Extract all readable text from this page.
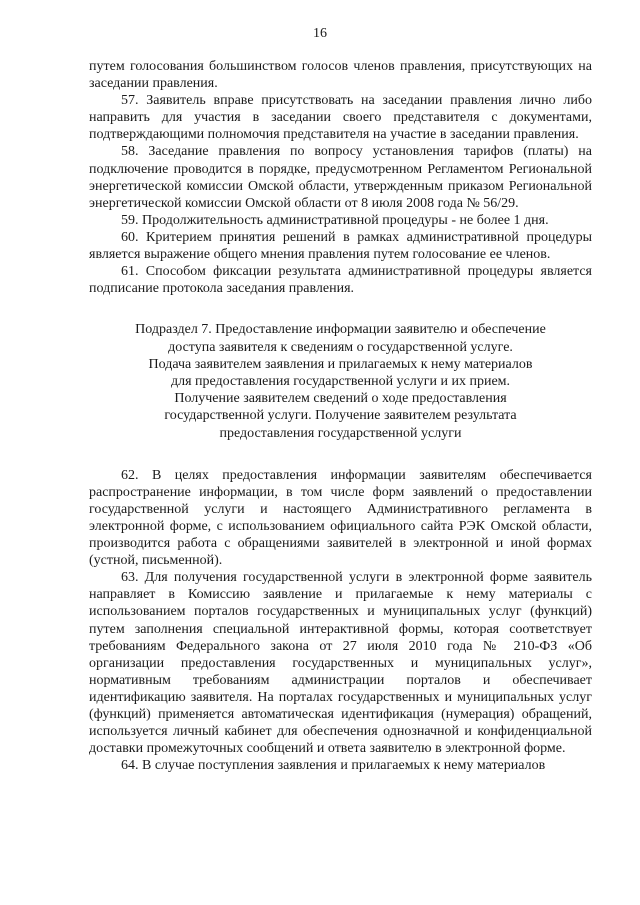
16

путем голосования большинством голосов членов правления, присутствующих на заседании правления.

57. Заявитель вправе присутствовать на заседании правления лично либо направить для участия в заседании своего представителя с документами, подтверждающими полномочия представителя на участие в заседании правления.

58. Заседание правления по вопросу установления тарифов (платы) на подключение проводится в порядке, предусмотренном Регламентом Региональной энергетической комиссии Омской области, утвержденным приказом Региональной энергетической комиссии Омской области от 8 июля 2008 года № 56/29.

59. Продолжительность административной процедуры - не более 1 дня.

60. Критерием принятия решений в рамках административной процедуры является выражение общего мнения правления путем голосование ее членов.

61. Способом фиксации результата административной процедуры является подписание протокола заседания правления.

Подраздел 7. Предоставление информации заявителю и обеспечение
доступа заявителя к сведениям о государственной услуге.
Подача заявителем заявления и прилагаемых к нему материалов
для предоставления государственной услуги и их прием.
Получение заявителем сведений о ходе предоставления
государственной услуги. Получение заявителем результата
предоставления государственной услуги

62. В целях предоставления информации заявителям обеспечивается распространение информации, в том числе форм заявлений о предоставлении государственной услуги и настоящего Административного регламента в электронной форме, с использованием официального сайта РЭК Омской области, производится работа с обращениями заявителей в электронной и иной формах (устной, письменной).

63. Для получения государственной услуги в электронной форме заявитель направляет в Комиссию заявление и прилагаемые к нему материалы с использованием порталов государственных и муниципальных услуг (функций) путем заполнения специальной интерактивной формы, которая соответствует требованиям Федерального закона от 27 июля 2010 года № 210-ФЗ «Об организации предоставления государственных и муниципальных услуг», нормативным требованиям администрации порталов и обеспечивает идентификацию заявителя. На порталах государственных и муниципальных услуг (функций) применяется автоматическая идентификация (нумерация) обращений, используется личный кабинет для обеспечения однозначной и конфиденциальной доставки промежуточных сообщений и ответа заявителю в электронной форме.

64. В случае поступления заявления и прилагаемых к нему материалов
